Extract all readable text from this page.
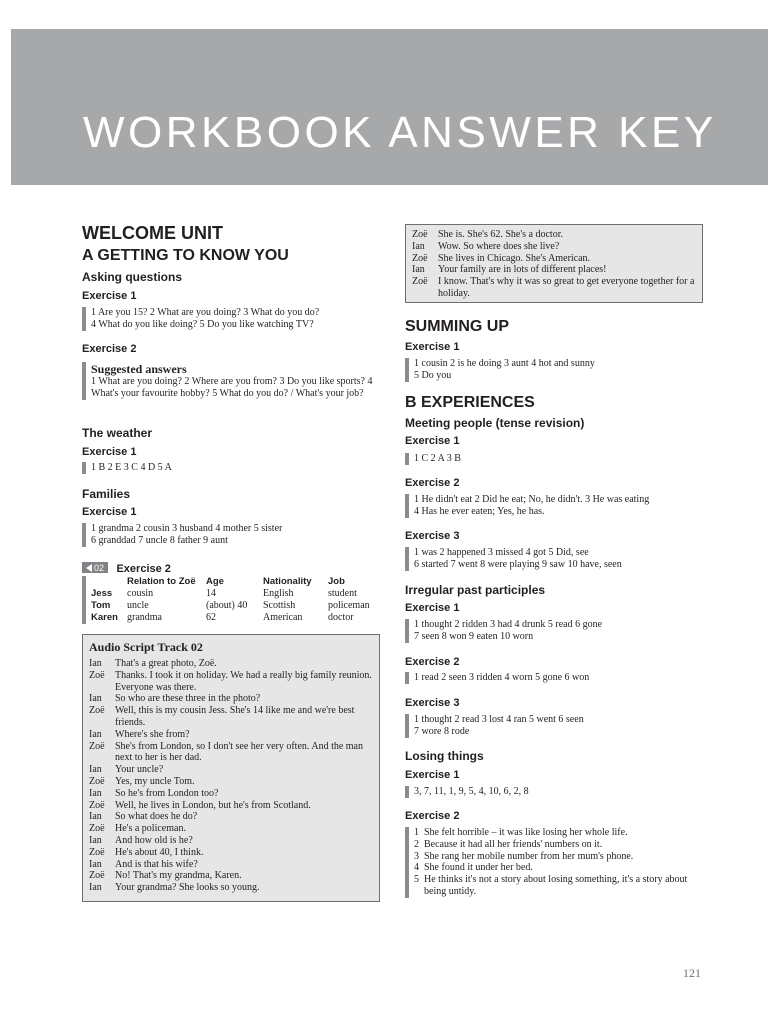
WORKBOOK ANSWER KEY
WELCOME UNIT
A GETTING TO KNOW YOU
Asking questions
Exercise 1
1 Are you 15? 2 What are you doing? 3 What do you do?
4 What do you like doing? 5 Do you like watching TV?
Exercise 2
Suggested answers
1 What are you doing? 2 Where are you from? 3 Do you like sports? 4 What's your favourite hobby? 5 What do you do? / What's your job?
The weather
Exercise 1
1 B 2 E 3 C 4 D 5 A
Families
Exercise 1
1 grandma 2 cousin 3 husband 4 mother 5 sister
6 granddad 7 uncle 8 father 9 aunt
02 Exercise 2
	Relation to Zoë	Age	Nationality	Job
Jess	cousin	14	English	student
Tom	uncle	(about) 40	Scottish	policeman
Karen	grandma	62	American	doctor
Audio Script Track 02
Ian	That's a great photo, Zoë.
Zoë	Thanks. I took it on holiday. We had a really big family reunion. Everyone was there.
Ian	So who are these three in the photo?
Zoë	Well, this is my cousin Jess. She's 14 like me and we're best friends.
Ian	Where's she from?
Zoë	She's from London, so I don't see her very often. And the man next to her is her dad.
Ian	Your uncle?
Zoë	Yes, my uncle Tom.
Ian	So he's from London too?
Zoë	Well, he lives in London, but he's from Scotland.
Ian	So what does he do?
Zoë	He's a policeman.
Ian	And how old is he?
Zoë	He's about 40, I think.
Ian	And is that his wife?
Zoë	No! That's my grandma, Karen.
Ian	Your grandma? She looks so young.
Zoë	She is. She's 62. She's a doctor.
Ian	Wow. So where does she live?
Zoë	She lives in Chicago. She's American.
Ian	Your family are in lots of different places!
Zoë	I know. That's why it was so great to get everyone together for a holiday.
SUMMING UP
Exercise 1
1 cousin 2 is he doing 3 aunt 4 hot and sunny
5 Do you
B EXPERIENCES
Meeting people (tense revision)
Exercise 1
1 C 2 A 3 B
Exercise 2
1 He didn't eat 2 Did he eat; No, he didn't. 3 He was eating
4 Has he ever eaten; Yes, he has.
Exercise 3
1 was 2 happened 3 missed 4 got 5 Did, see
6 started 7 went 8 were playing 9 saw 10 have, seen
Irregular past participles
Exercise 1
1 thought 2 ridden 3 had 4 drunk 5 read 6 gone
7 seen 8 won 9 eaten 10 worn
Exercise 2
1 read 2 seen 3 ridden 4 worn 5 gone 6 won
Exercise 3
1 thought 2 read 3 lost 4 ran 5 went 6 seen
7 wore 8 rode
Losing things
Exercise 1
3, 7, 11, 1, 9, 5, 4, 10, 6, 2, 8
Exercise 2
1 She felt horrible – it was like losing her whole life.
2 Because it had all her friends' numbers on it.
3 She rang her mobile number from her mum's phone.
4 She found it under her bed.
5 He thinks it's not a story about losing something, it's a story about being untidy.
121
